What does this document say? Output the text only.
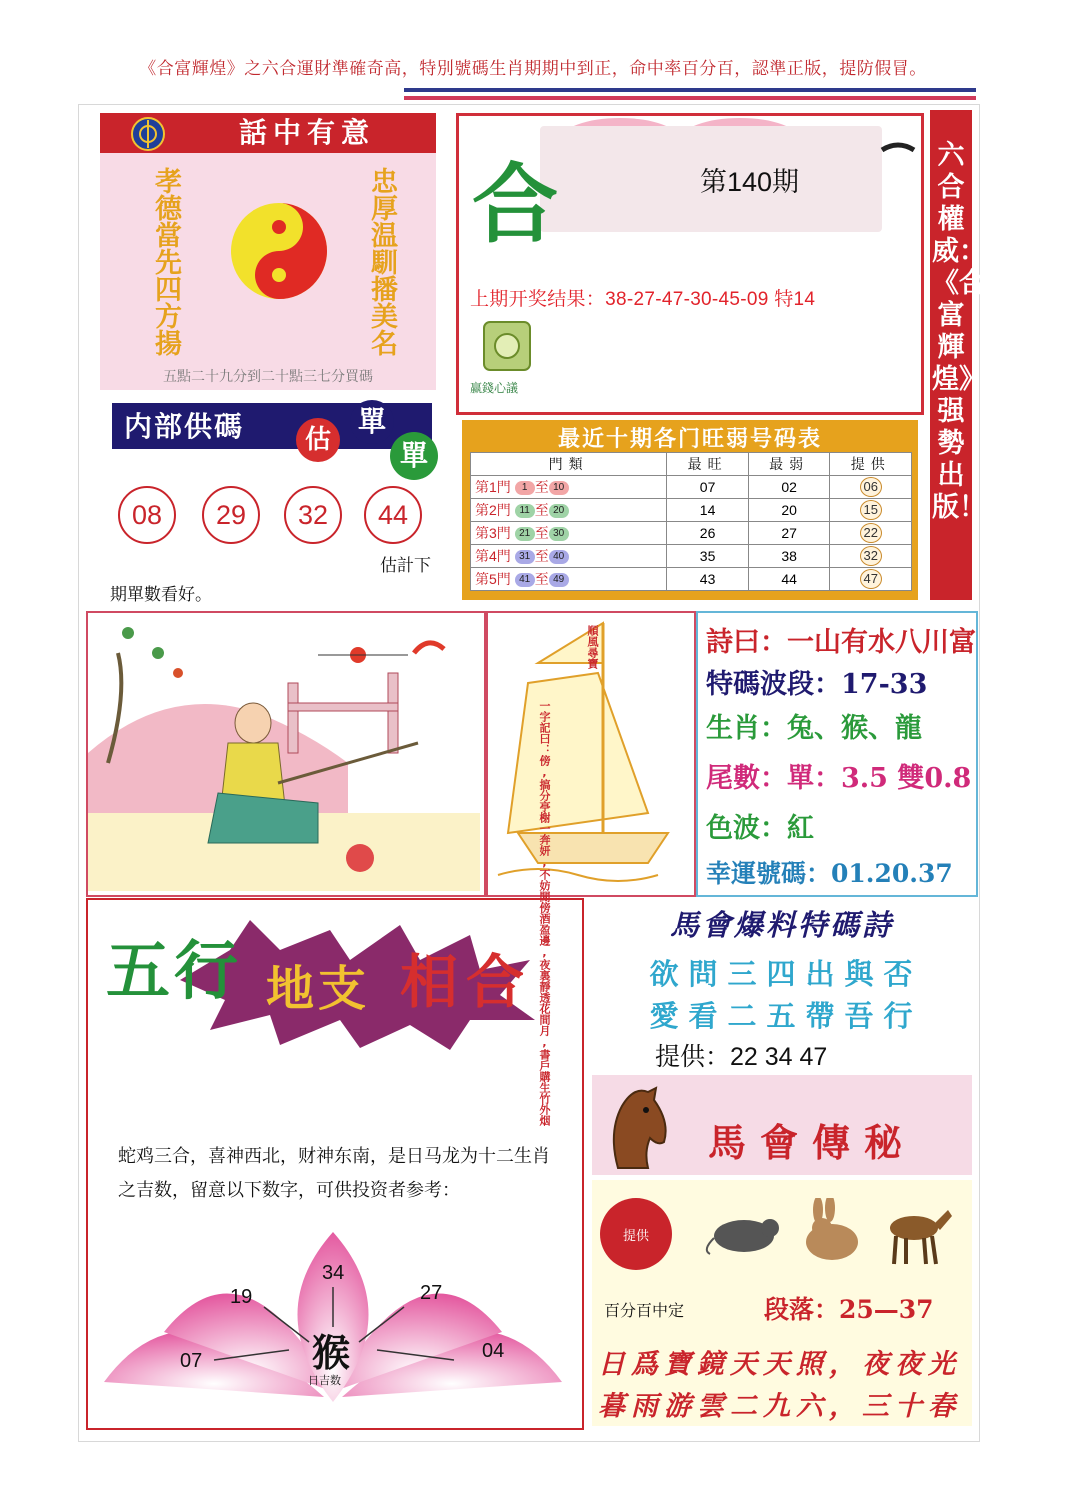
《合富輝煌》之六合運財準確奇高，特別號碼生肖期期中到正，命中率百分百，認準正版，提防假冒。
話中有意
孝德當先四方揚	忠厚温馴播美名
五點二十九分到二十點三七分買碼
合	第140期
上期开奖结果：38-27-47-30-45-09 特14
赢錢心議
六合權威：《合富輝煌》强勢出版！
内部供碼	估
單
單
08	29	32	44
估計下
期單數看好。
最近十期各门旺弱号码表
門類	最旺	最弱	提供
第1門 1 至 10	07	02	06
第2門 11 至 20	14	20	15
第3門 21 至 30	26	27	22
第4門 31 至 40	35	38	32
第5門 41 至 49	43	44	47
順風尋寶
一字記曰：傍,搞分亭榭一奔妍,不妨閒傍酒盈邊,夜裏靜透花間月,書戶購生竹外烟
詩曰：一山有水八川富
特碼波段：17-33
生肖：兔、猴、龍
尾數：單：3.5 雙0.8
色波：紅
幸運號碼：01.20.37
五行 地支 相合
蛇鸡三合，喜神西北，财神东南，是日马龙为十二生肖之吉数，留意以下数字，可供投资者参考：
34
19	27
07	04
猴
日吉数
馬會爆料特碼詩
欲問三四出與否
愛看二五帶吾行
提供：22 34 47
馬會傳秘
提供
百分百中定	段落：25—37
日爲寶鏡天天照，夜夜光
暮雨游雲二九六，三十春
